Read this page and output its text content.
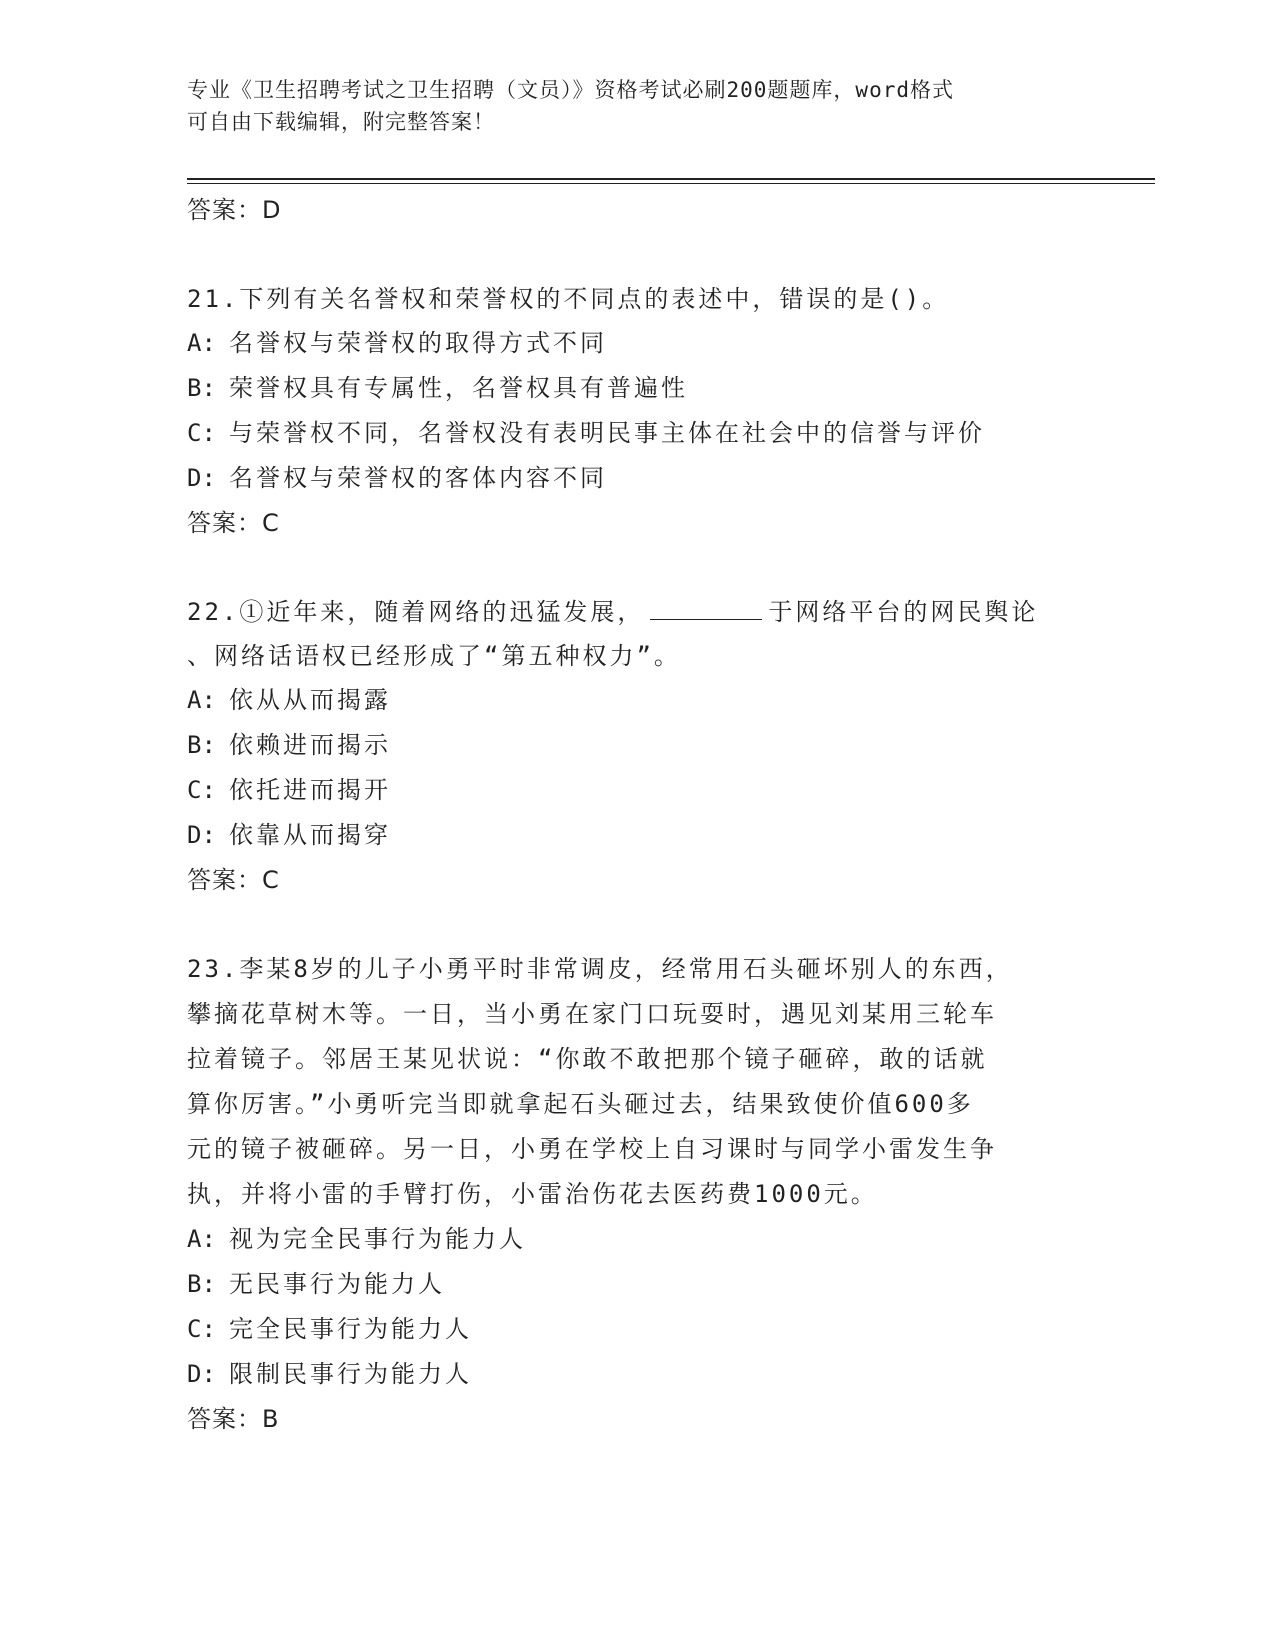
专业《卫生招聘考试之卫生招聘（文员）》资格考试必刷200题题库，word格式
可自由下载编辑，附完整答案！
答案：D
21.下列有关名誉权和荣誉权的不同点的表述中，错误的是()。
A: 名誉权与荣誉权的取得方式不同
B: 荣誉权具有专属性，名誉权具有普遍性
C: 与荣誉权不同，名誉权没有表明民事主体在社会中的信誉与评价
D: 名誉权与荣誉权的客体内容不同
答案：C
22.①近年来，随着网络的迅猛发展，	于网络平台的网民舆论
、网络话语权已经形成了“第五种权力”。
A: 依从从而揭露
B: 依赖进而揭示
C: 依托进而揭开
D: 依靠从而揭穿
答案：C
23.李某8岁的儿子小勇平时非常调皮，经常用石头砸坏别人的东西，
攀摘花草树木等。一日，当小勇在家门口玩耍时，遇见刘某用三轮车
拉着镜子。邻居王某见状说：“你敢不敢把那个镜子砸碎，敢的话就
算你厉害。”小勇听完当即就拿起石头砸过去，结果致使价值600多
元的镜子被砸碎。另一日，小勇在学校上自习课时与同学小雷发生争
执，并将小雷的手臂打伤，小雷治伤花去医药费1000元。
A: 视为完全民事行为能力人
B: 无民事行为能力人
C: 完全民事行为能力人
D: 限制民事行为能力人
答案：B
